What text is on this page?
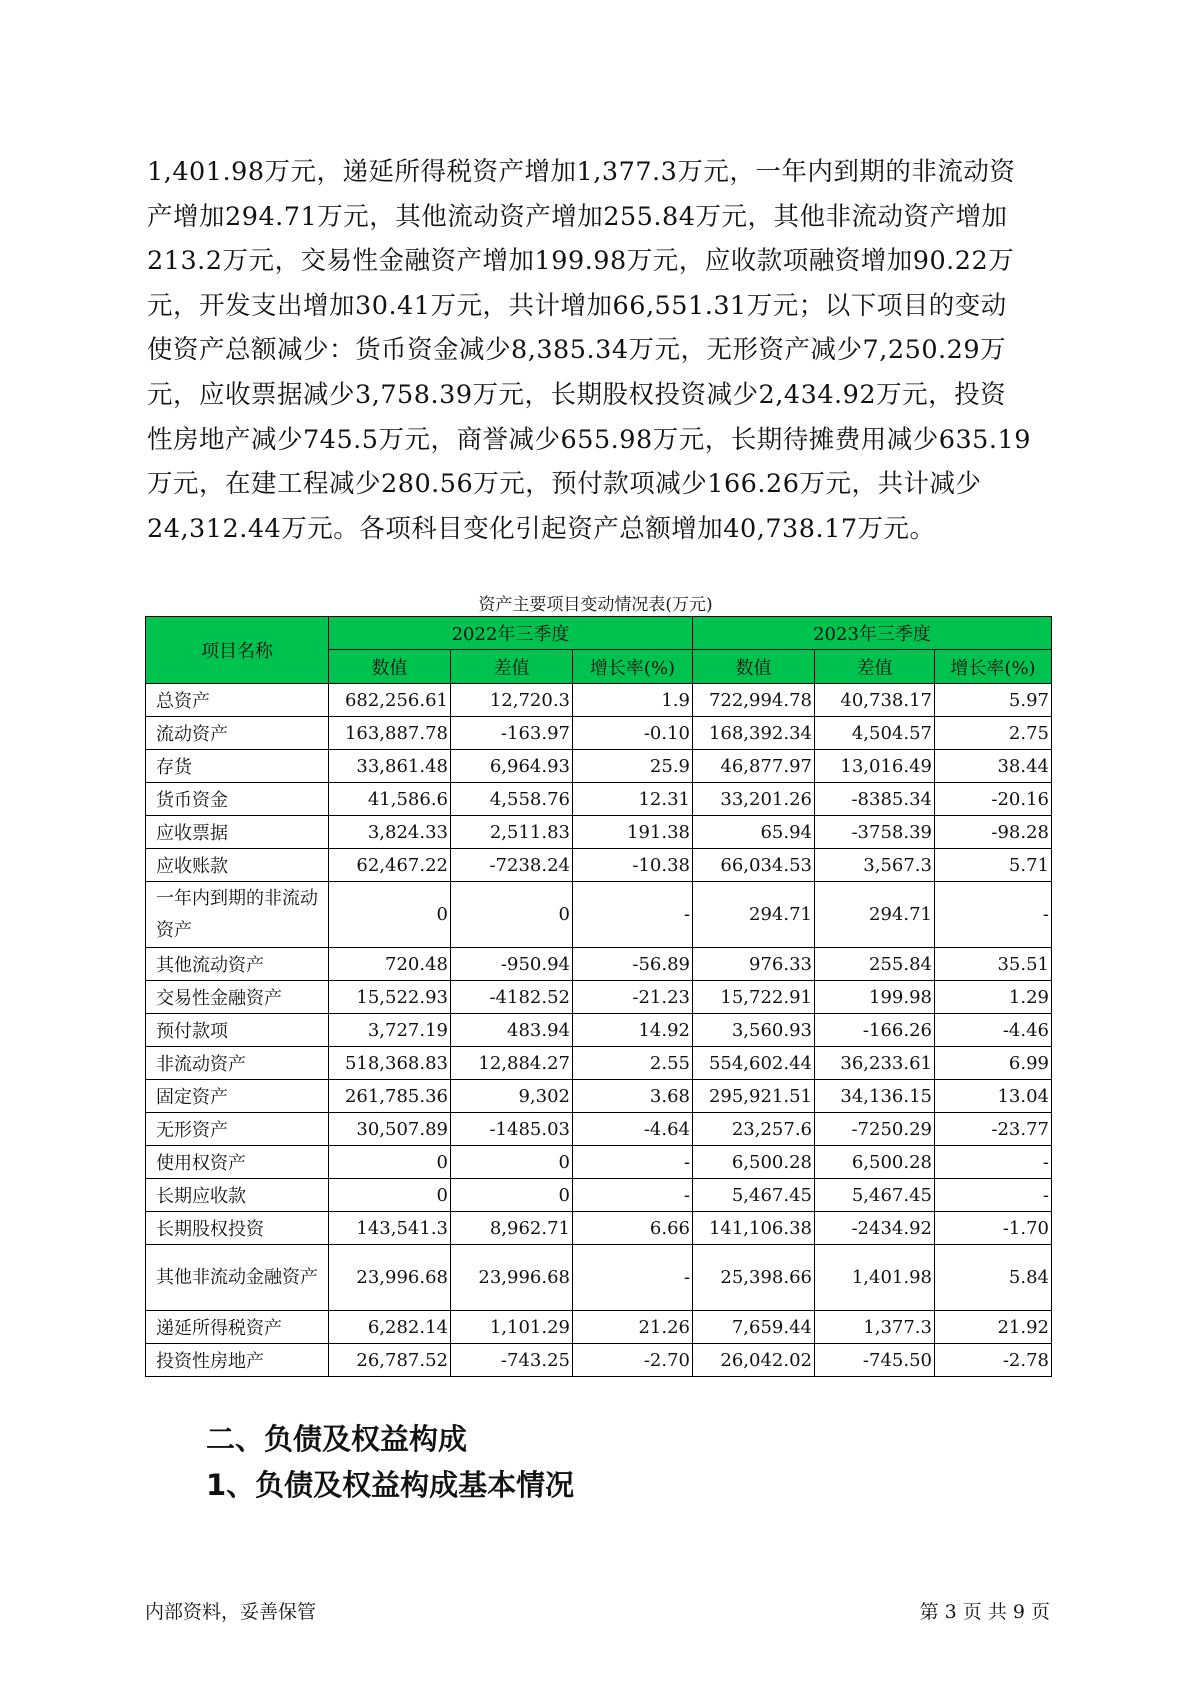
1,401.98万元，递延所得税资产增加1,377.3万元，一年内到期的非流动资
产增加294.71万元，其他流动资产增加255.84万元，其他非流动资产增加
213.2万元，交易性金融资产增加199.98万元，应收款项融资增加90.22万
元，开发支出增加30.41万元，共计增加66,551.31万元；以下项目的变动
使资产总额减少：货币资金减少8,385.34万元，无形资产减少7,250.29万
元，应收票据减少3,758.39万元，长期股权投资减少2,434.92万元，投资
性房地产减少745.5万元，商誉减少655.98万元，长期待摊费用减少635.19
万元，在建工程减少280.56万元，预付款项减少166.26万元，共计减少
24,312.44万元。各项科目变化引起资产总额增加40,738.17万元。
资产主要项目变动情况表(万元)
项目名称	2022年三季度			2023年三季度		
	数值	差值	增长率(%)	数值	差值	增长率(%)
总资产	682,256.61	12,720.3	1.9	722,994.78	40,738.17	5.97
流动资产	163,887.78	-163.97	-0.10	168,392.34	4,504.57	2.75
存货	33,861.48	6,964.93	25.9	46,877.97	13,016.49	38.44
货币资金	41,586.6	4,558.76	12.31	33,201.26	-8385.34	-20.16
应收票据	3,824.33	2,511.83	191.38	65.94	-3758.39	-98.28
应收账款	62,467.22	-7238.24	-10.38	66,034.53	3,567.3	5.71
一年内到期的非流动资产	0	0	-	294.71	294.71	-
其他流动资产	720.48	-950.94	-56.89	976.33	255.84	35.51
交易性金融资产	15,522.93	-4182.52	-21.23	15,722.91	199.98	1.29
预付款项	3,727.19	483.94	14.92	3,560.93	-166.26	-4.46
非流动资产	518,368.83	12,884.27	2.55	554,602.44	36,233.61	6.99
固定资产	261,785.36	9,302	3.68	295,921.51	34,136.15	13.04
无形资产	30,507.89	-1485.03	-4.64	23,257.6	-7250.29	-23.77
使用权资产	0	0	-	6,500.28	6,500.28	-
长期应收款	0	0	-	5,467.45	5,467.45	-
长期股权投资	143,541.3	8,962.71	6.66	141,106.38	-2434.92	-1.70
其他非流动金融资产	23,996.68	23,996.68	-	25,398.66	1,401.98	5.84
递延所得税资产	6,282.14	1,101.29	21.26	7,659.44	1,377.3	21.92
投资性房地产	26,787.52	-743.25	-2.70	26,042.02	-745.50	-2.78
二、负债及权益构成
1、负债及权益构成基本情况
内部资料，妥善保管	第 3 页 共 9 页
